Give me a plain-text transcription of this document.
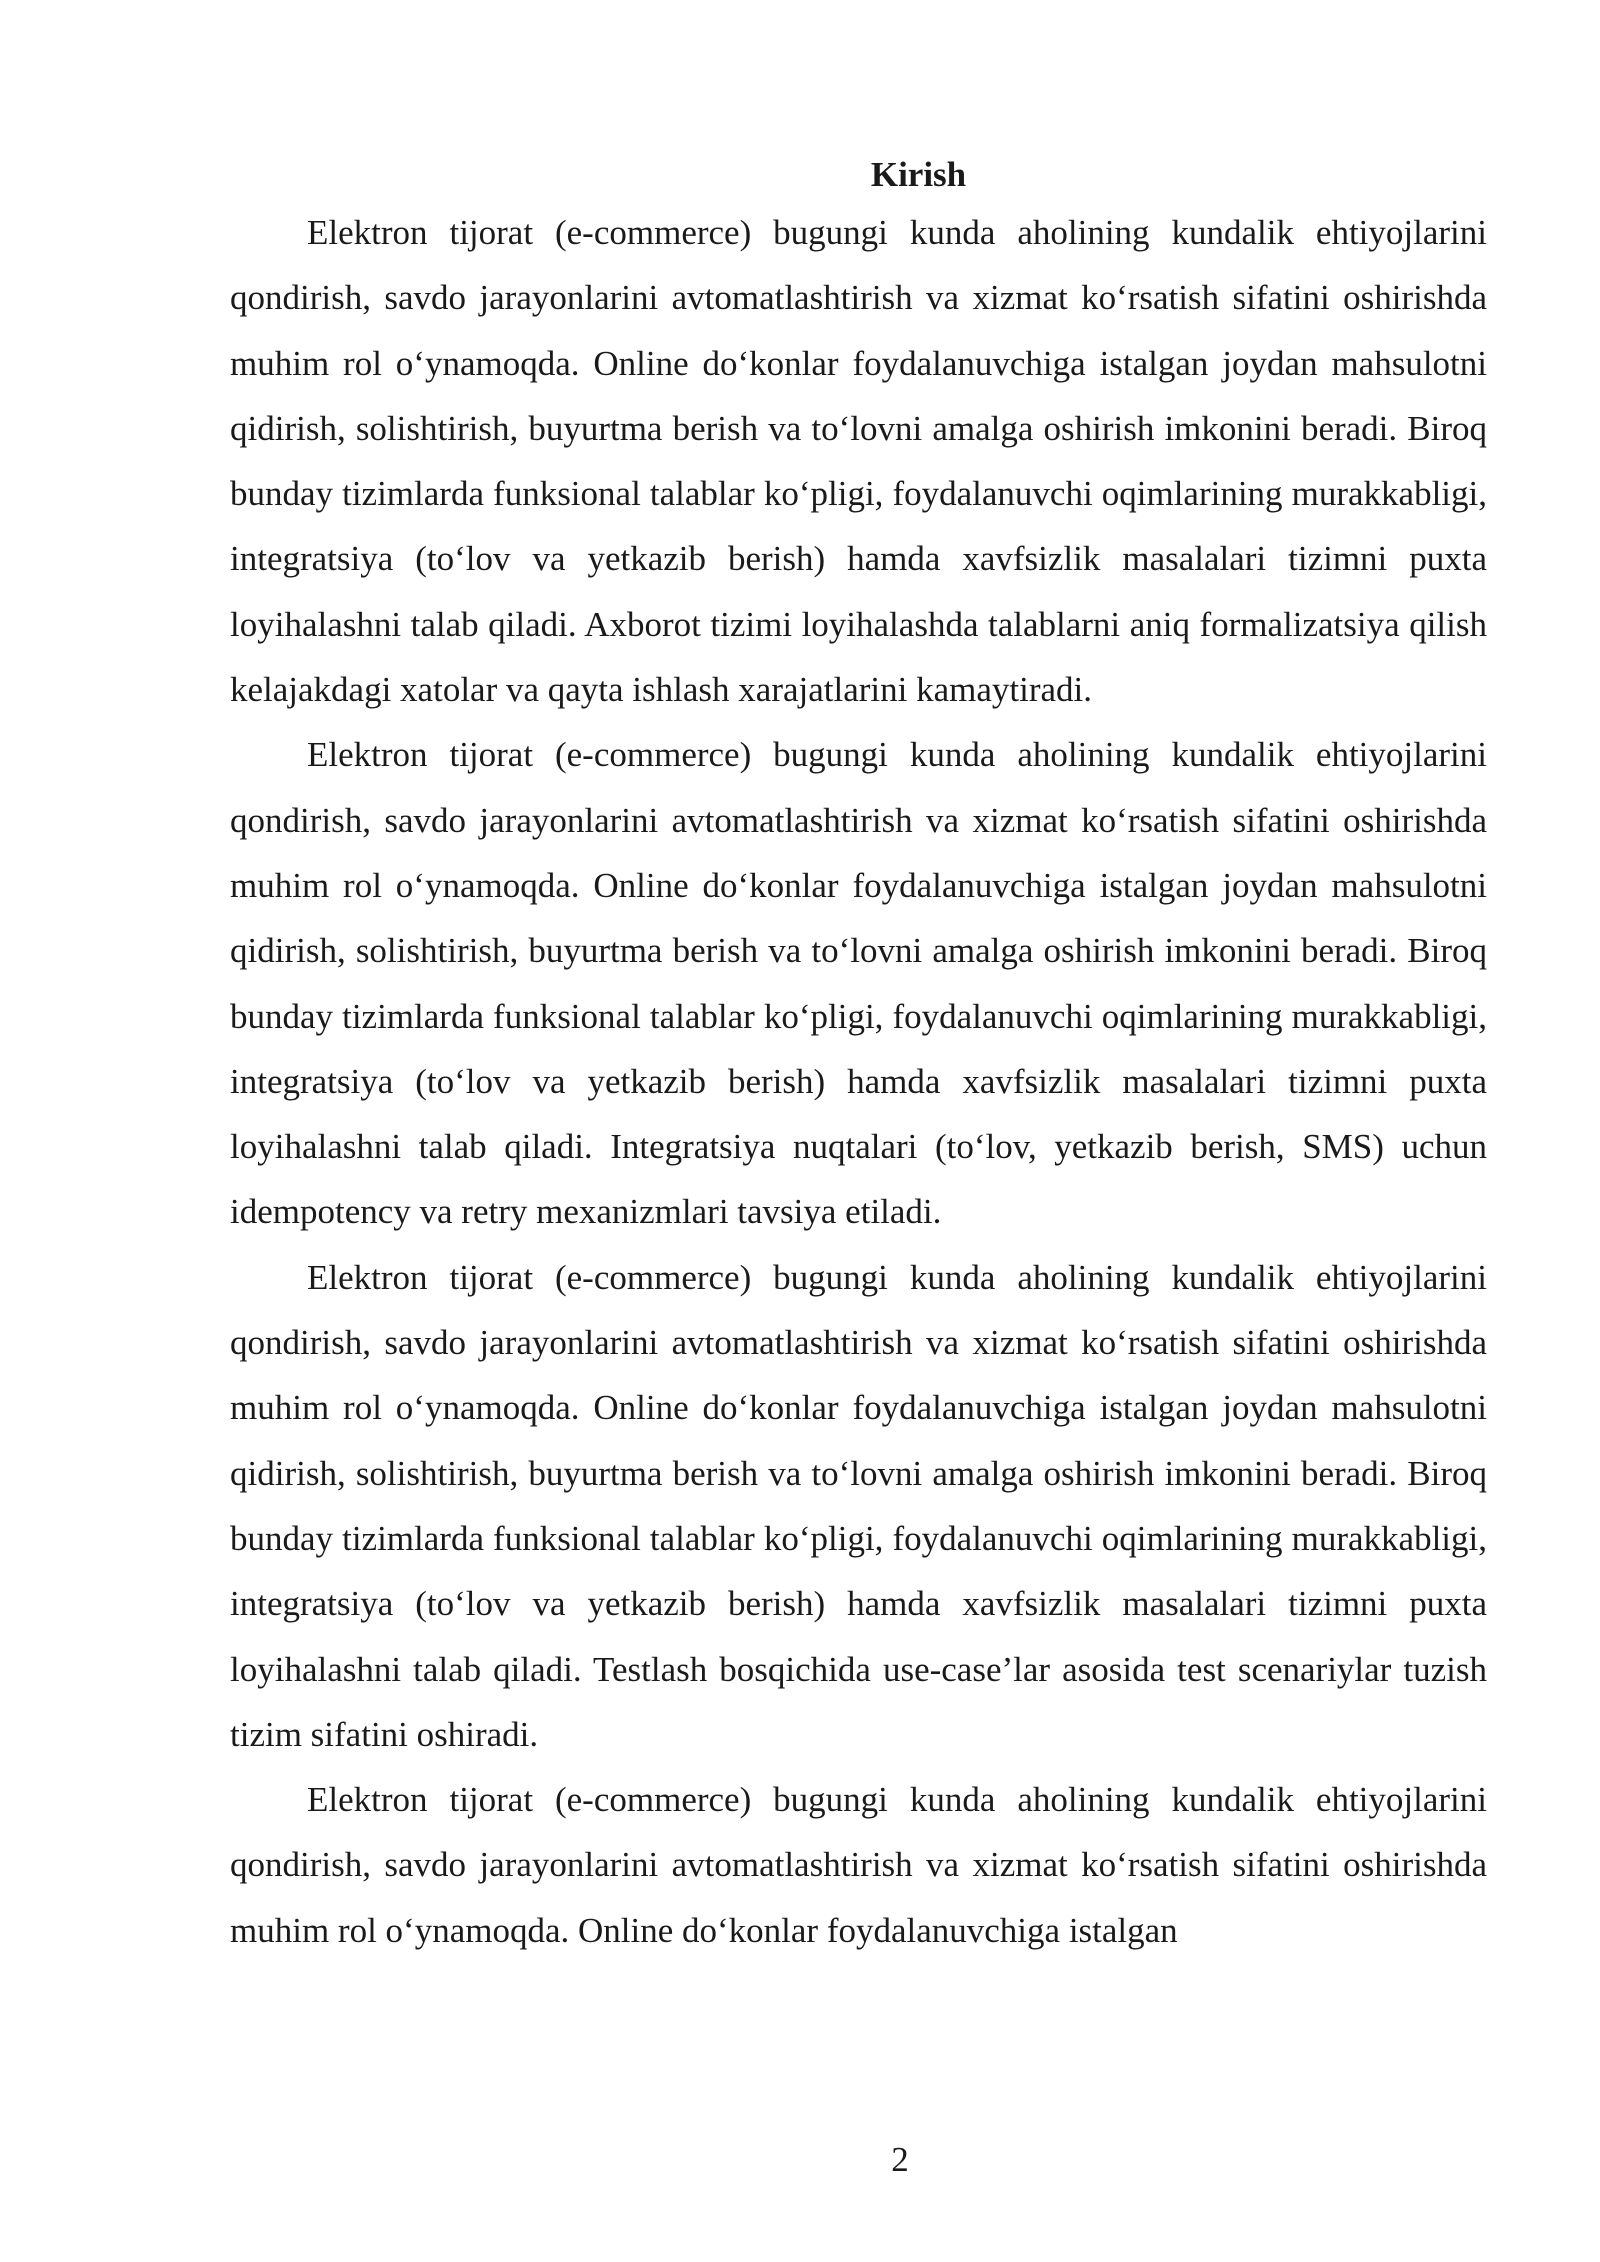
Kirish

Elektron tijorat (e-commerce) bugungi kunda aholining kundalik ehtiyojlarini qondirish, savdo jarayonlarini avtomatlashtirish va xizmat ko‘rsatish sifatini oshirishda muhim rol o‘ynamoqda. Online do‘konlar foydalanuvchiga istalgan joydan mahsulotni qidirish, solishtirish, buyurtma berish va to‘lovni amalga oshirish imkonini beradi. Biroq bunday tizimlarda funksional talablar ko‘pligi, foydalanuvchi oqimlarining murakkabligi, integratsiya (to‘lov va yetkazib berish) hamda xavfsizlik masalalari tizimni puxta loyihalashni talab qiladi. Axborot tizimi loyihalashda talablarni aniq formalizatsiya qilish kelajakdagi xatolar va qayta ishlash xarajatlarini kamaytiradi.

Elektron tijorat (e-commerce) bugungi kunda aholining kundalik ehtiyojlarini qondirish, savdo jarayonlarini avtomatlashtirish va xizmat ko‘rsatish sifatini oshirishda muhim rol o‘ynamoqda. Online do‘konlar foydalanuvchiga istalgan joydan mahsulotni qidirish, solishtirish, buyurtma berish va to‘lovni amalga oshirish imkonini beradi. Biroq bunday tizimlarda funksional talablar ko‘pligi, foydalanuvchi oqimlarining murakkabligi, integratsiya (to‘lov va yetkazib berish) hamda xavfsizlik masalalari tizimni puxta loyihalashni talab qiladi. Integratsiya nuqtalari (to‘lov, yetkazib berish, SMS) uchun idempotency va retry mexanizmlari tavsiya etiladi.

Elektron tijorat (e-commerce) bugungi kunda aholining kundalik ehtiyojlarini qondirish, savdo jarayonlarini avtomatlashtirish va xizmat ko‘rsatish sifatini oshirishda muhim rol o‘ynamoqda. Online do‘konlar foydalanuvchiga istalgan joydan mahsulotni qidirish, solishtirish, buyurtma berish va to‘lovni amalga oshirish imkonini beradi. Biroq bunday tizimlarda funksional talablar ko‘pligi, foydalanuvchi oqimlarining murakkabligi, integratsiya (to‘lov va yetkazib berish) hamda xavfsizlik masalalari tizimni puxta loyihalashni talab qiladi. Testlash bosqichida use-case’lar asosida test scenariylar tuzish tizim sifatini oshiradi.

Elektron tijorat (e-commerce) bugungi kunda aholining kundalik ehtiyojlarini qondirish, savdo jarayonlarini avtomatlashtirish va xizmat ko‘rsatish sifatini oshirishda muhim rol o‘ynamoqda. Online do‘konlar foydalanuvchiga istalgan

2
